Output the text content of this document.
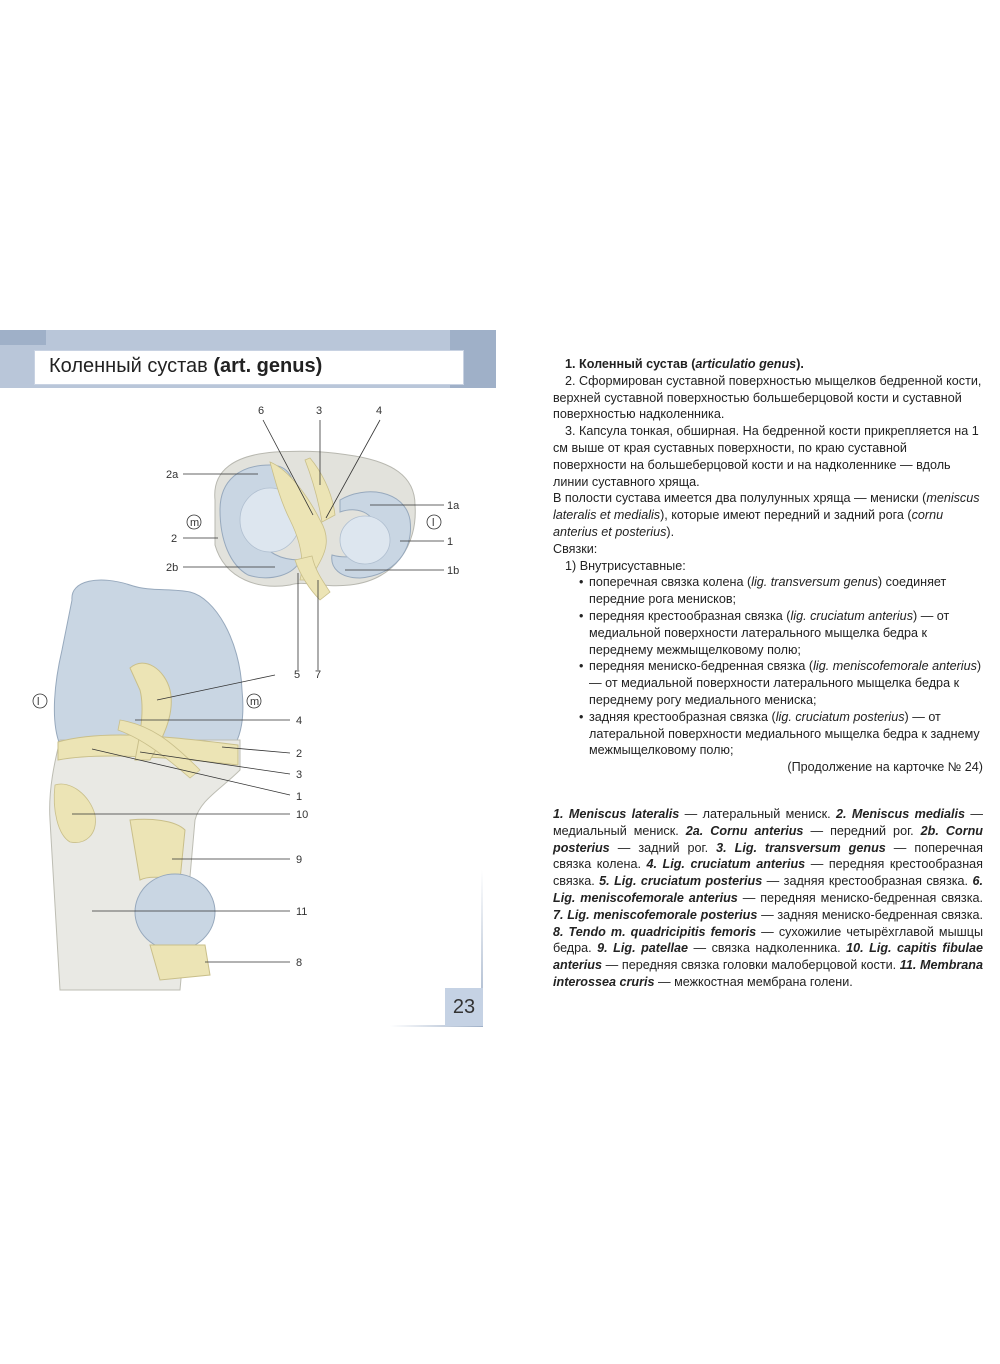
Коленный сустав (art. genus)
6	3	4
2a
1a
m	l
2	1
2b	1b
5 7
l	m
4
2
3
1
10
9
11
8
23

1. Коленный сустав (articulatio genus).

2. Сформирован суставной поверхностью мыщелков бедренной кости, верхней суставной поверхностью большеберцовой кости и суставной поверхностью надколенника.

3. Капсула тонкая, обширная. На бедренной кости прикрепляется на 1 см выше от края суставных поверхности, по краю суставной поверхности на большеберцовой кости и на надколеннике — вдоль линии суставного хряща.

В полости сустава имеется два полулунных хряща — мениски (meniscus lateralis et medialis), которые имеют передний и задний рога (cornu anterius et posterius).

Связки:

1) Внутрисуставные:

• поперечная связка колена (lig. transversum genus) соединяет передние рога менисков;

• передняя крестообразная связка (lig. cruciatum anterius) — от медиальной поверхности латерального мыщелка бедра к переднему межмыщелковому полю;

• передняя мениско-бедренная связка (lig. meniscofemorale anterius) — от медиальной поверхности латерального мыщелка бедра к переднему рогу медиального мениска;

• задняя крестообразная связка (lig. cruciatum posterius) — от латеральной поверхности медиального мыщелка бедра к заднему межмыщелковому полю;

(Продолжение на карточке № 24)

1. Meniscus lateralis — латеральный мениск. 2. Meniscus medialis — медиальный мениск. 2a. Cornu anterius — передний рог. 2b. Cornu posterius — задний рог. 3. Lig. transversum genus — поперечная связка колена. 4. Lig. cruciatum anterius — передняя крестообразная связка. 5. Lig. cruciatum posterius — задняя крестообразная связка. 6. Lig. meniscofemorale anterius — передняя мениско-бедренная связка. 7. Lig. meniscofemorale posterius — задняя мениско-бедренная связка. 8. Tendo m. quadricipitis femoris — сухожилие четырёхглавой мышцы бедра. 9. Lig. patellae — связка надколенника. 10. Lig. capitis fibulae anterius — передняя связка головки малоберцовой кости. 11. Membrana interossea cruris — межкостная мембрана голени.
